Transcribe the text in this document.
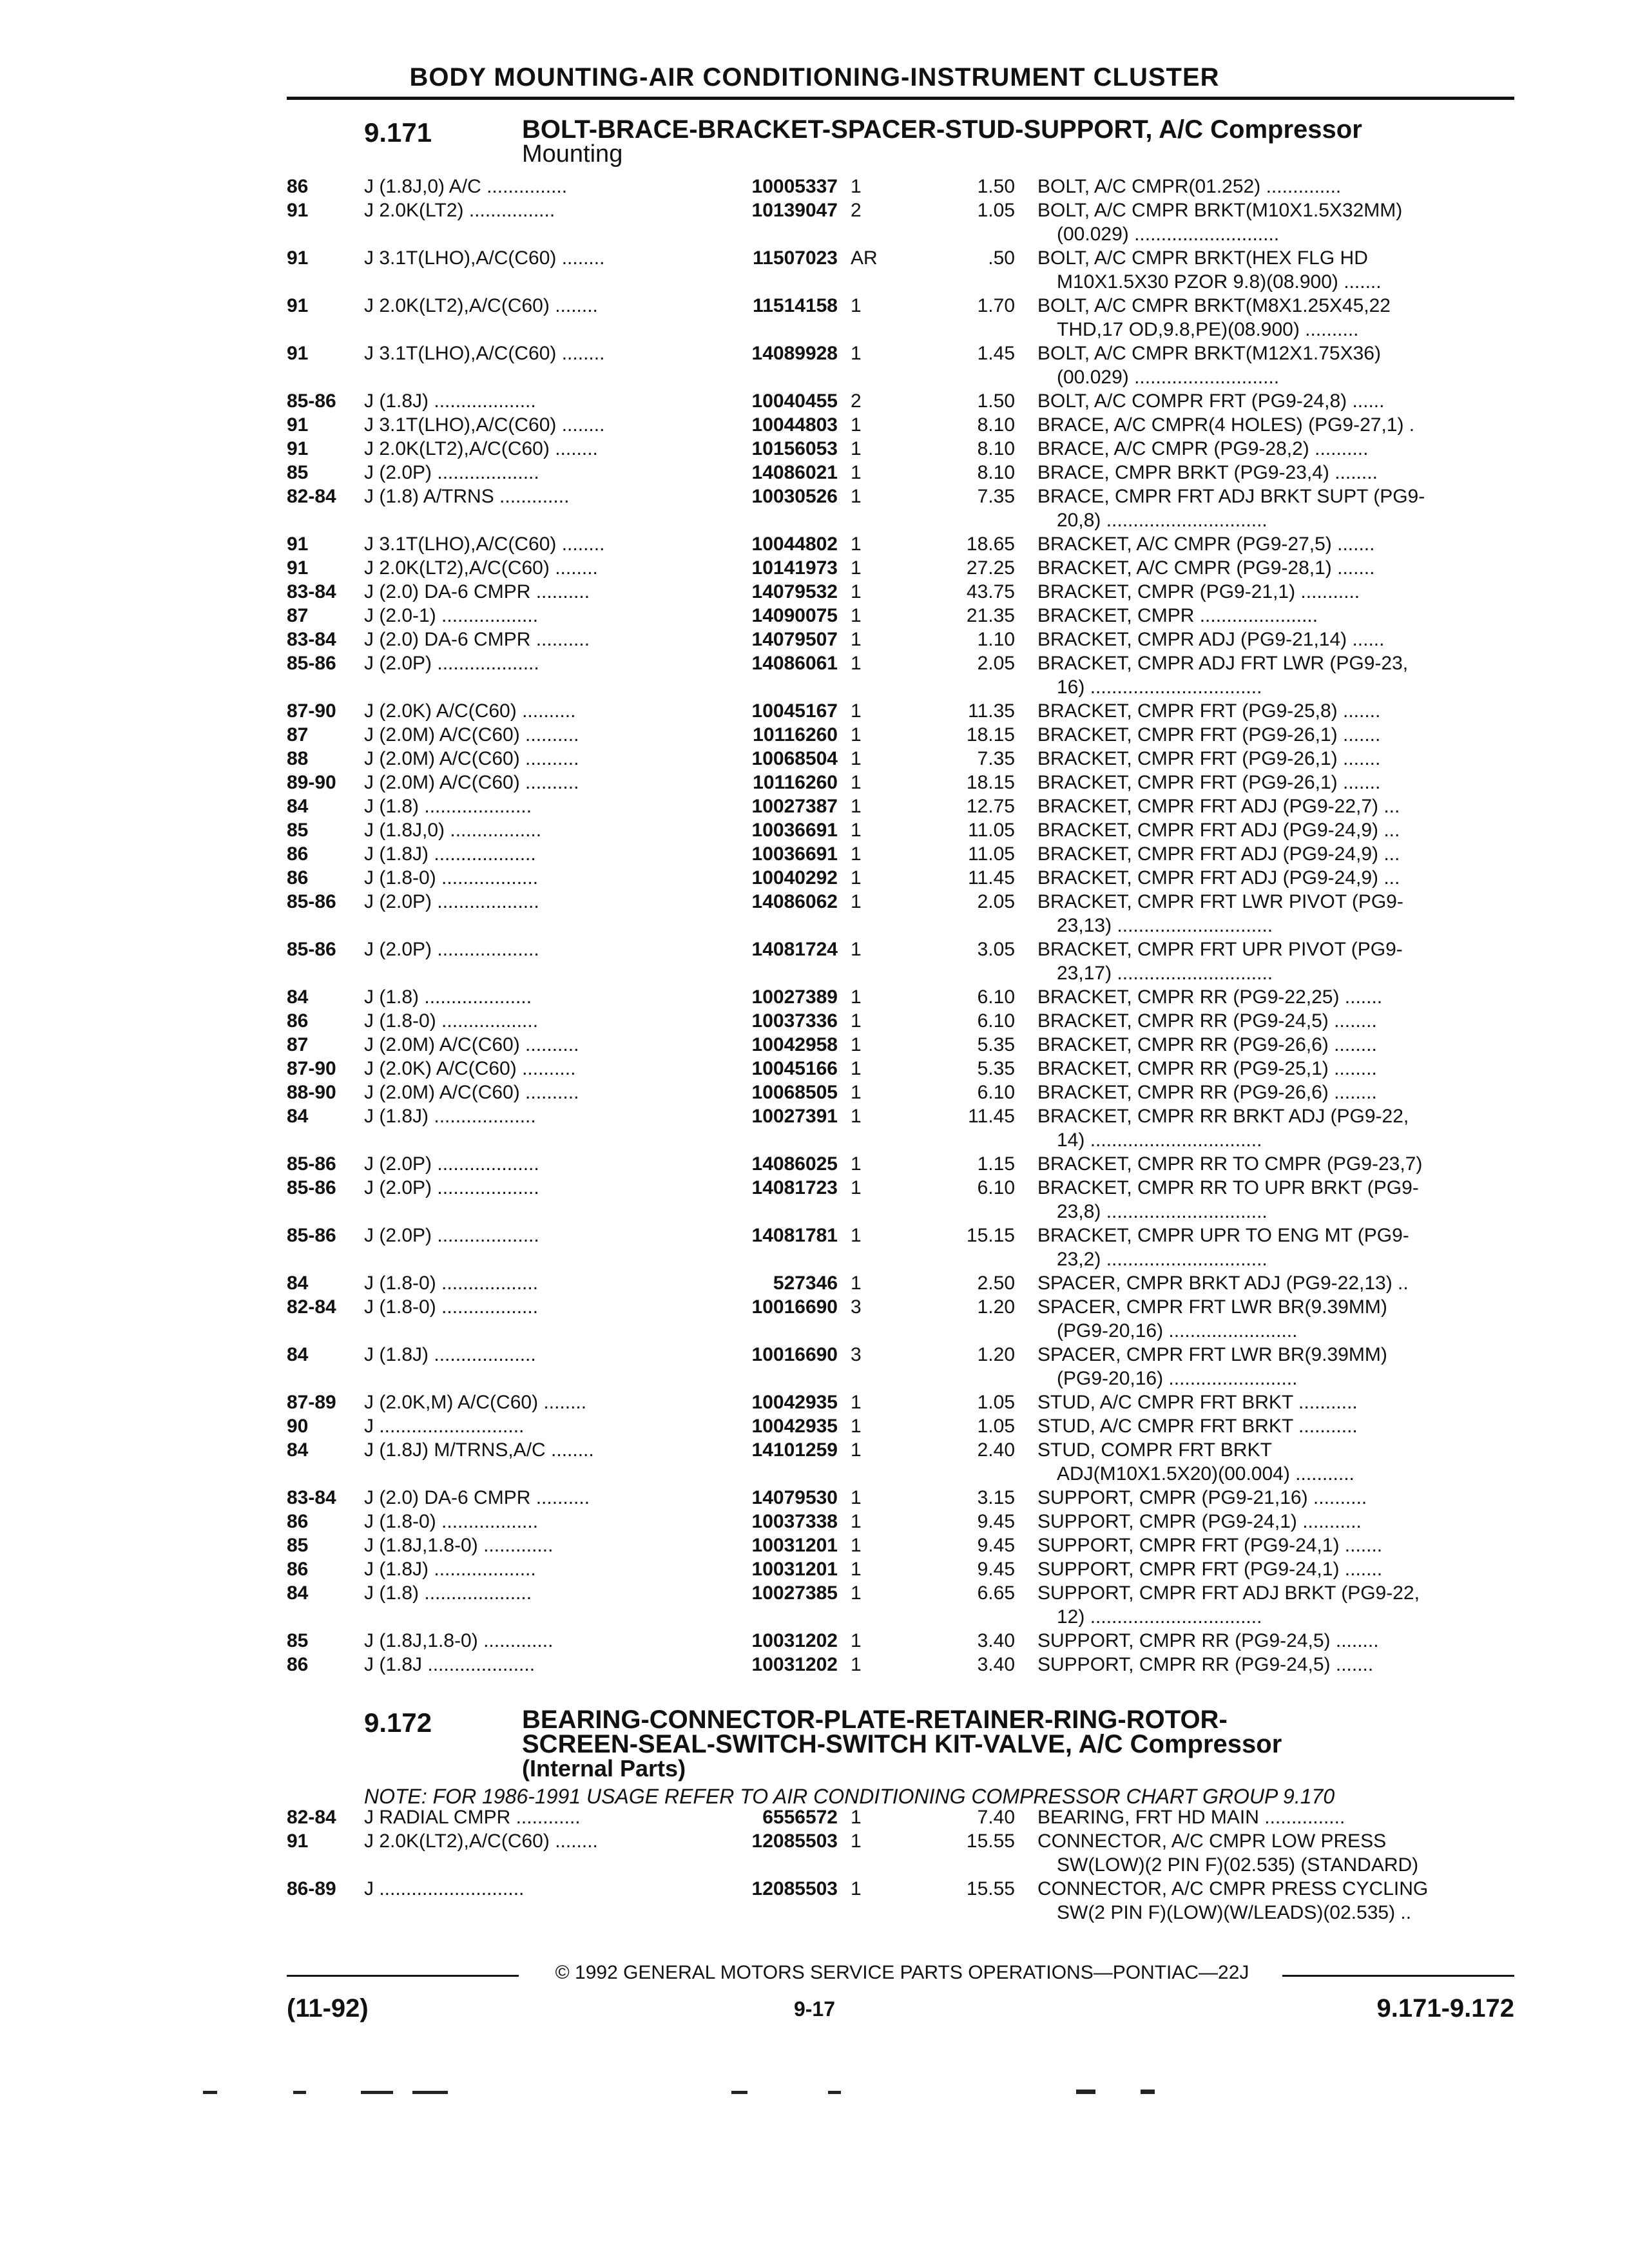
BODY MOUNTING-AIR CONDITIONING-INSTRUMENT CLUSTER
9.171	BOLT-BRACE-BRACKET-SPACER-STUD-SUPPORT, A/C Compressor
Mounting
86	J (1.8J,0) A/C ...............	10005337 1	1.50 BOLT, A/C CMPR(01.252) ..............
91	J 2.0K(LT2) ................	10139047 2	1.05 BOLT, A/C CMPR BRKT(M10X1.5X32MM)
(00.029) ...........................
91	J 3.1T(LHO),A/C(C60) ........	11507023 AR	.50 BOLT, A/C CMPR BRKT(HEX FLG HD
M10X1.5X30 PZOR 9.8)(08.900) .......
91	J 2.0K(LT2),A/C(C60) ........	11514158 1	1.70 BOLT, A/C CMPR BRKT(M8X1.25X45,22
THD,17 OD,9.8,PE)(08.900) ..........
91	J 3.1T(LHO),A/C(C60) ........	14089928 1	1.45 BOLT, A/C CMPR BRKT(M12X1.75X36)
(00.029) ...........................
85-86	J (1.8J) ...................	10040455 2	1.50 BOLT, A/C COMPR FRT (PG9-24,8) ......
91	J 3.1T(LHO),A/C(C60) ........	10044803 1	8.10 BRACE, A/C CMPR(4 HOLES) (PG9-27,1) .
91	J 2.0K(LT2),A/C(C60) ........	10156053 1	8.10 BRACE, A/C CMPR (PG9-28,2) ..........
85	J (2.0P) ...................	14086021 1	8.10 BRACE, CMPR BRKT (PG9-23,4) ........
82-84	J (1.8) A/TRNS .............	10030526 1	7.35 BRACE, CMPR FRT ADJ BRKT SUPT (PG9-
20,8) ..............................
91	J 3.1T(LHO),A/C(C60) ........	10044802 1	18.65 BRACKET, A/C CMPR (PG9-27,5) .......
91	J 2.0K(LT2),A/C(C60) ........	10141973 1	27.25 BRACKET, A/C CMPR (PG9-28,1) .......
83-84	J (2.0) DA-6 CMPR ..........	14079532 1	43.75 BRACKET, CMPR (PG9-21,1) ...........
87	J (2.0-1) ..................	14090075 1	21.35 BRACKET, CMPR ......................
83-84	J (2.0) DA-6 CMPR ..........	14079507 1	1.10 BRACKET, CMPR ADJ (PG9-21,14) ......
85-86	J (2.0P) ...................	14086061 1	2.05 BRACKET, CMPR ADJ FRT LWR (PG9-23,
16) ................................
87-90	J (2.0K) A/C(C60) ..........	10045167 1	11.35 BRACKET, CMPR FRT (PG9-25,8) .......
87	J (2.0M) A/C(C60) ..........	10116260 1	18.15 BRACKET, CMPR FRT (PG9-26,1) .......
88	J (2.0M) A/C(C60) ..........	10068504 1	7.35 BRACKET, CMPR FRT (PG9-26,1) .......
89-90	J (2.0M) A/C(C60) ..........	10116260 1	18.15 BRACKET, CMPR FRT (PG9-26,1) .......
84	J (1.8) ....................	10027387 1	12.75 BRACKET, CMPR FRT ADJ (PG9-22,7) ...
85	J (1.8J,0) .................	10036691 1	11.05 BRACKET, CMPR FRT ADJ (PG9-24,9) ...
86	J (1.8J) ...................	10036691 1	11.05 BRACKET, CMPR FRT ADJ (PG9-24,9) ...
86	J (1.8-0) ..................	10040292 1	11.45 BRACKET, CMPR FRT ADJ (PG9-24,9) ...
85-86	J (2.0P) ...................	14086062 1	2.05 BRACKET, CMPR FRT LWR PIVOT (PG9-
23,13) .............................
85-86	J (2.0P) ...................	14081724 1	3.05 BRACKET, CMPR FRT UPR PIVOT (PG9-
23,17) .............................
84	J (1.8) ....................	10027389 1	6.10 BRACKET, CMPR RR (PG9-22,25) .......
86	J (1.8-0) ..................	10037336 1	6.10 BRACKET, CMPR RR (PG9-24,5) ........
87	J (2.0M) A/C(C60) ..........	10042958 1	5.35 BRACKET, CMPR RR (PG9-26,6) ........
87-90	J (2.0K) A/C(C60) ..........	10045166 1	5.35 BRACKET, CMPR RR (PG9-25,1) ........
88-90	J (2.0M) A/C(C60) ..........	10068505 1	6.10 BRACKET, CMPR RR (PG9-26,6) ........
84	J (1.8J) ...................	10027391 1	11.45 BRACKET, CMPR RR BRKT ADJ (PG9-22,
14) ................................
85-86	J (2.0P) ...................	14086025 1	1.15 BRACKET, CMPR RR TO CMPR (PG9-23,7)
85-86	J (2.0P) ...................	14081723 1	6.10 BRACKET, CMPR RR TO UPR BRKT (PG9-
23,8) ..............................
85-86	J (2.0P) ...................	14081781 1	15.15 BRACKET, CMPR UPR TO ENG MT (PG9-
23,2) ..............................
84	J (1.8-0) ..................	527346 1	2.50 SPACER, CMPR BRKT ADJ (PG9-22,13) ..
82-84	J (1.8-0) ..................	10016690 3	1.20 SPACER, CMPR FRT LWR BR(9.39MM)
(PG9-20,16) ........................
84	J (1.8J) ...................	10016690 3	1.20 SPACER, CMPR FRT LWR BR(9.39MM)
(PG9-20,16) ........................
87-89	J (2.0K,M) A/C(C60) ........	10042935 1	1.05 STUD, A/C CMPR FRT BRKT ...........
90	J ...........................	10042935 1	1.05 STUD, A/C CMPR FRT BRKT ...........
84	J (1.8J) M/TRNS,A/C ........	14101259 1	2.40 STUD, COMPR FRT BRKT
ADJ(M10X1.5X20)(00.004) ...........
83-84	J (2.0) DA-6 CMPR ..........	14079530 1	3.15 SUPPORT, CMPR (PG9-21,16) ..........
86	J (1.8-0) ..................	10037338 1	9.45 SUPPORT, CMPR (PG9-24,1) ...........
85	J (1.8J,1.8-0) .............	10031201 1	9.45 SUPPORT, CMPR FRT (PG9-24,1) .......
86	J (1.8J) ...................	10031201 1	9.45 SUPPORT, CMPR FRT (PG9-24,1) .......
84	J (1.8) ....................	10027385 1	6.65 SUPPORT, CMPR FRT ADJ BRKT (PG9-22,
12) ................................
85	J (1.8J,1.8-0) .............	10031202 1	3.40 SUPPORT, CMPR RR (PG9-24,5) ........
86	J (1.8J ....................	10031202 1	3.40 SUPPORT, CMPR RR (PG9-24,5) .......
9.172	BEARING-CONNECTOR-PLATE-RETAINER-RING-ROTOR-
SCREEN-SEAL-SWITCH-SWITCH KIT-VALVE, A/C Compressor
(Internal Parts)
NOTE: FOR 1986-1991 USAGE REFER TO AIR CONDITIONING COMPRESSOR CHART GROUP 9.170
82-84	J RADIAL CMPR ............	6556572 1	7.40 BEARING, FRT HD MAIN ...............
91	J 2.0K(LT2),A/C(C60) ........	12085503 1	15.55 CONNECTOR, A/C CMPR LOW PRESS
SW(LOW)(2 PIN F)(02.535) (STANDARD)
86-89	J ...........................	12085503 1	15.55 CONNECTOR, A/C CMPR PRESS CYCLING
SW(2 PIN F)(LOW)(W/LEADS)(02.535) ..
© 1992 GENERAL MOTORS SERVICE PARTS OPERATIONS—PONTIAC—22J
(11-92)	9-17	9.171-9.172
